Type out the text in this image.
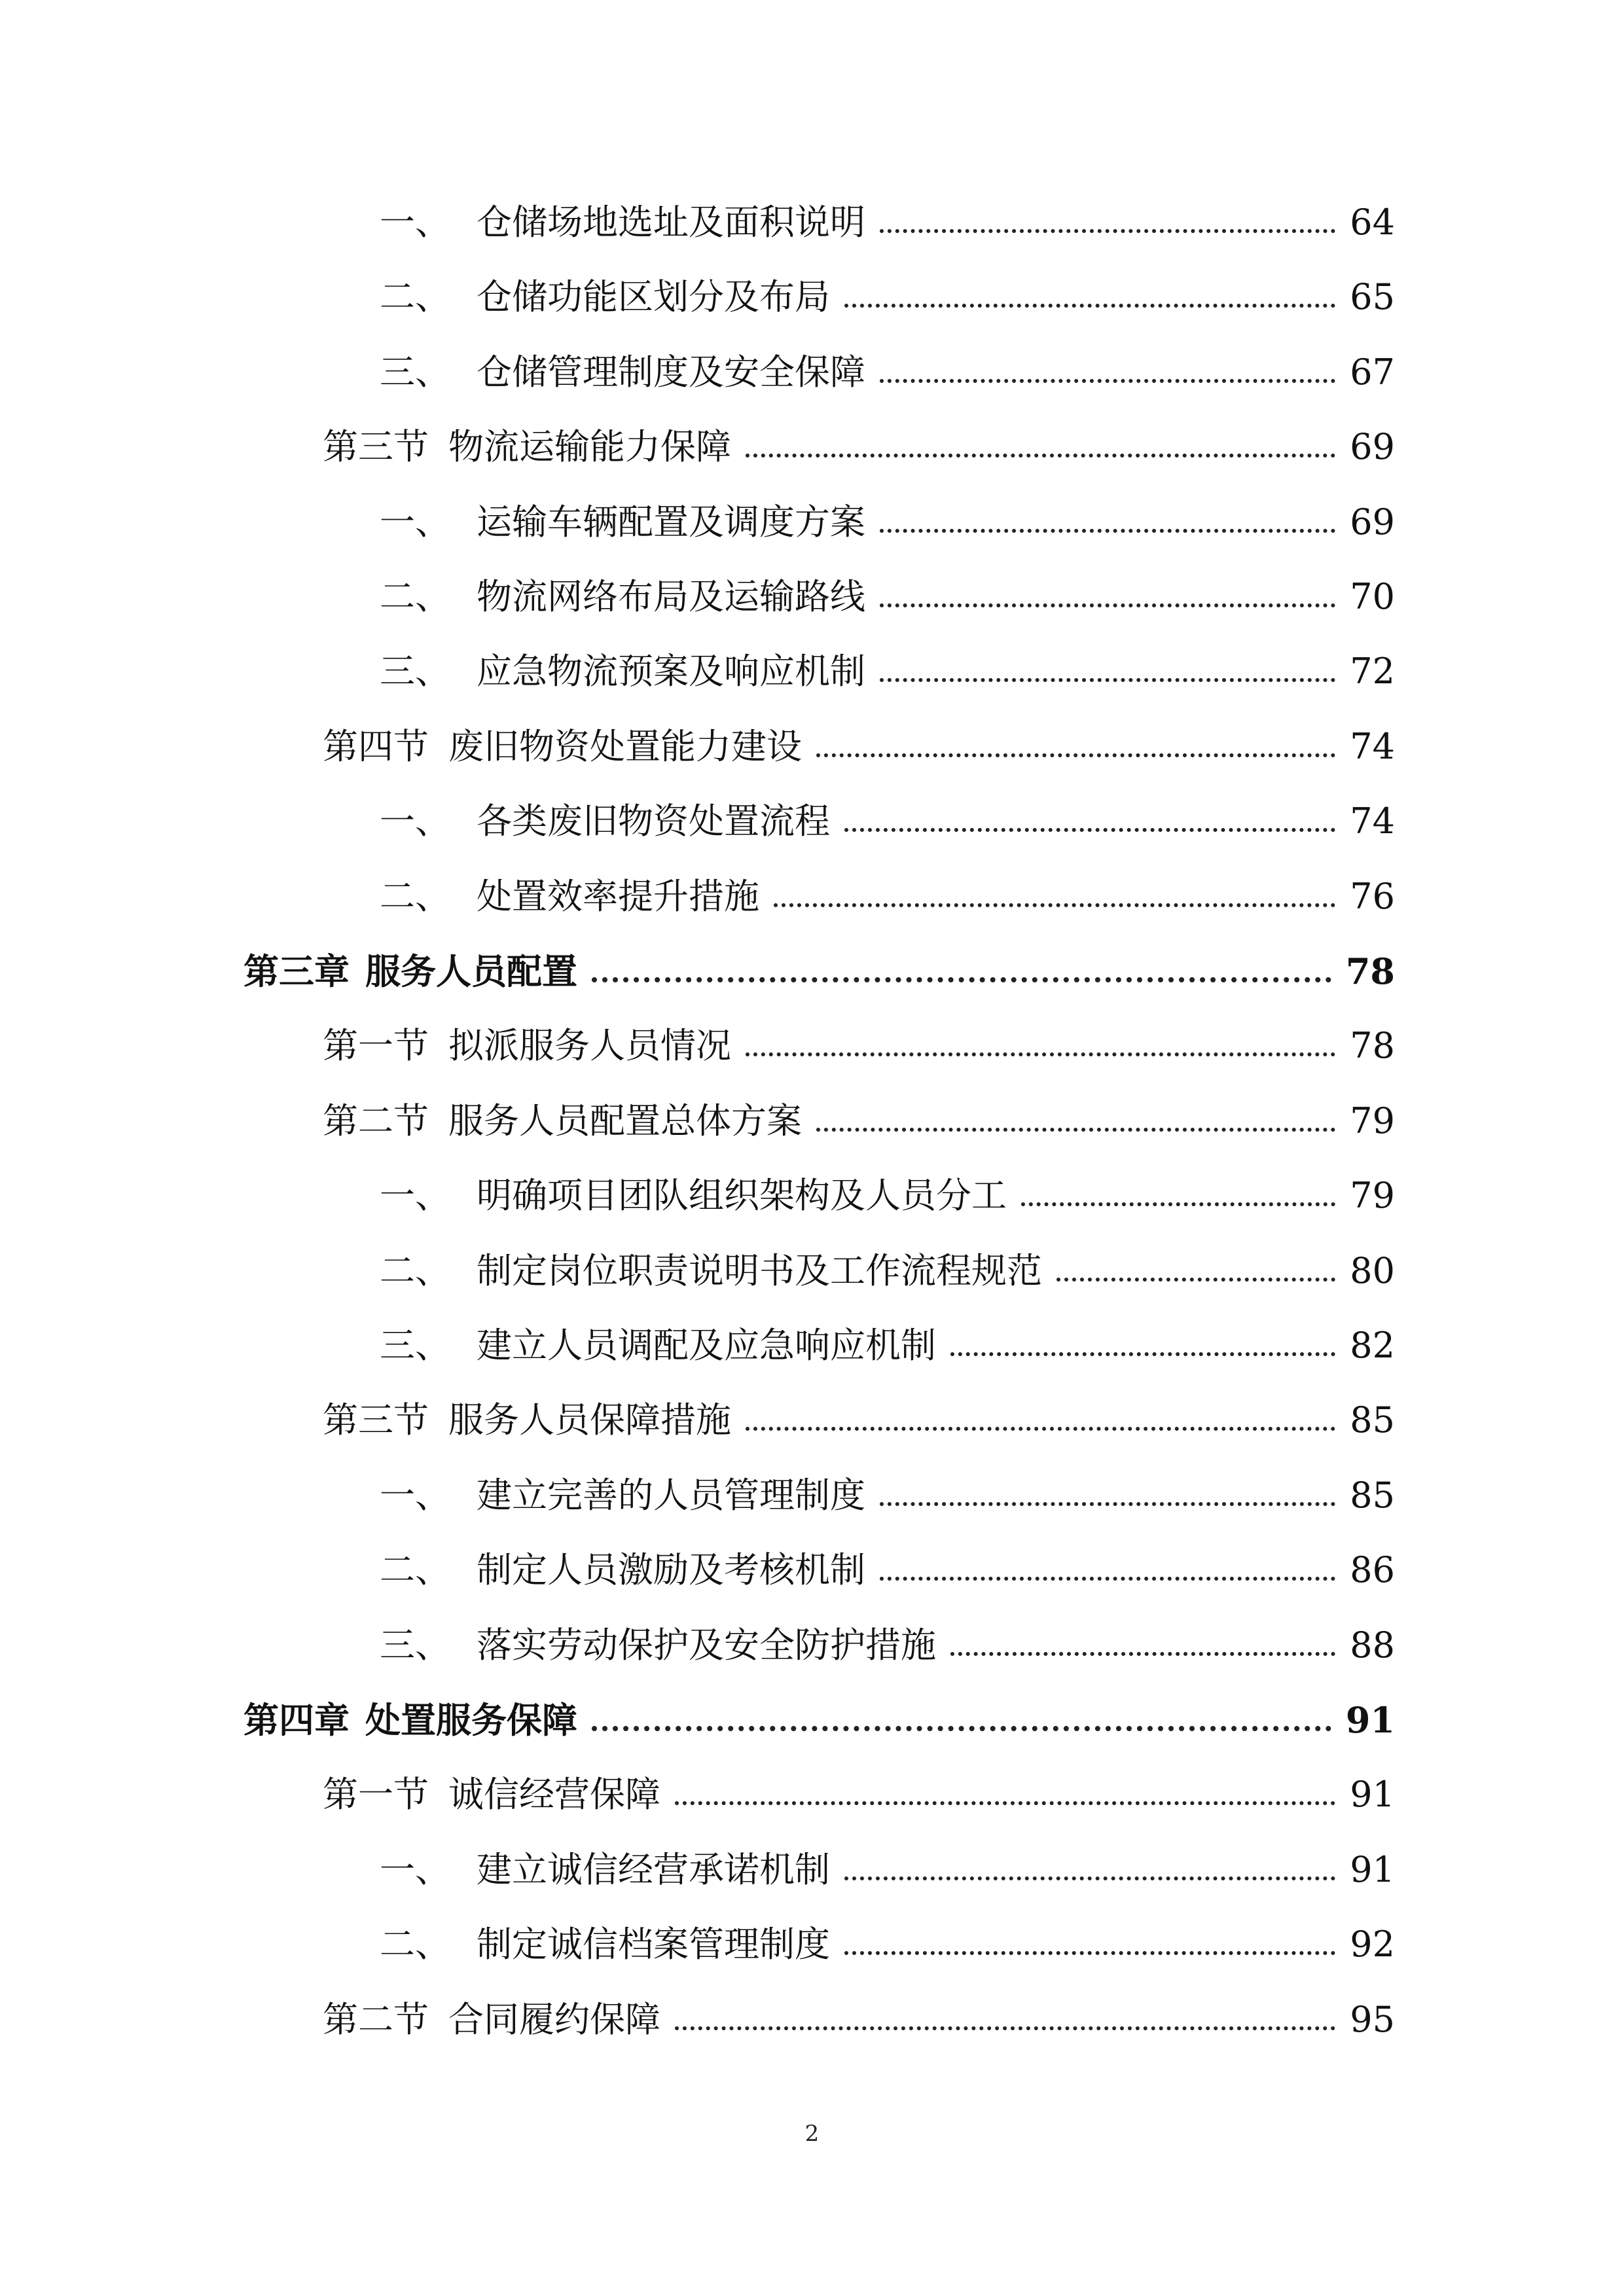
一、 仓储场地选址及面积说明	64
二、 仓储功能区划分及布局	65
三、 仓储管理制度及安全保障	67
第三节 物流运输能力保障	69
一、 运输车辆配置及调度方案	69
二、 物流网络布局及运输路线	70
三、 应急物流预案及响应机制	72
第四节 废旧物资处置能力建设	74
一、 各类废旧物资处置流程	74
二、 处置效率提升措施	76
第三章 服务人员配置	78
第一节 拟派服务人员情况	78
第二节 服务人员配置总体方案	79
一、 明确项目团队组织架构及人员分工	79
二、 制定岗位职责说明书及工作流程规范	80
三、 建立人员调配及应急响应机制	82
第三节 服务人员保障措施	85
一、 建立完善的人员管理制度	85
二、 制定人员激励及考核机制	86
三、 落实劳动保护及安全防护措施	88
第四章 处置服务保障	91
第一节 诚信经营保障	91
一、 建立诚信经营承诺机制	91
二、 制定诚信档案管理制度	92
第二节 合同履约保障	95
2
